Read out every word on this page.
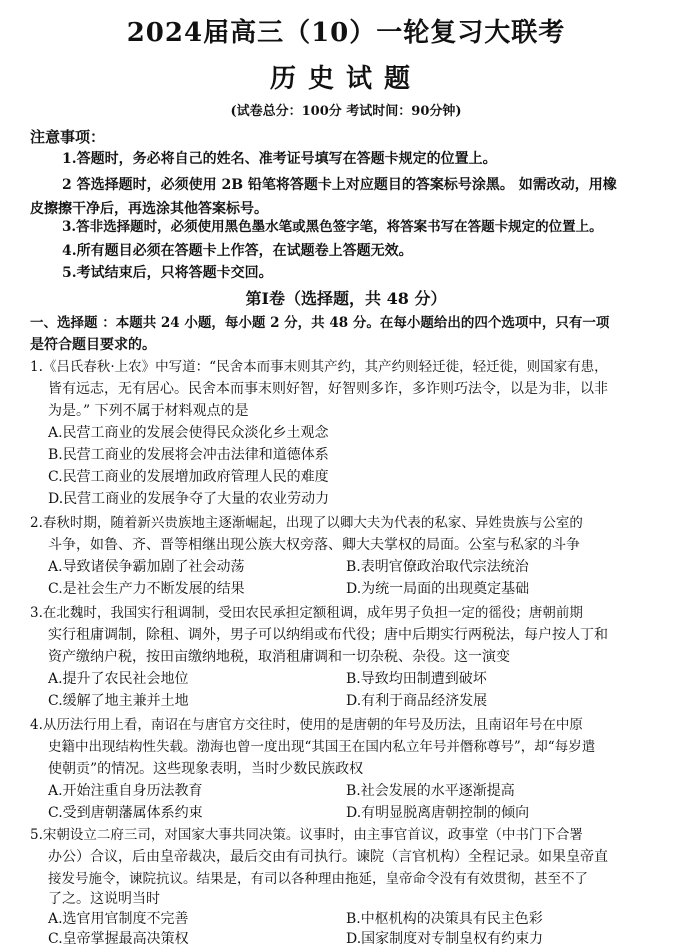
2024届高三（10）一轮复习大联考
历史试题
(试卷总分：100分 考试时间：90分钟)
注意事项：
1.答题时，务必将自己的姓名、准考证号填写在答题卡规定的位置上。
2 答选择题时，必须使用 2B 铅笔将答题卡上对应题目的答案标号涂黑。 如需改动，用橡
皮擦擦干净后，再选涂其他答案标号。
3.答非选择题时，必须使用黑色墨水笔或黑色签字笔，将答案书写在答题卡规定的位置上。
4.所有题目必须在答题卡上作答，在试题卷上答题无效。
5.考试结束后，只将答题卡交回。
第Ⅰ卷（选择题，共 48 分）
一、选择题 ：本题共 24 小题，每小题 2 分，共 48 分。在每小题给出的四个选项中，只有一项
是符合题目要求的。
1.《吕氏春秋·上农》中写道：“民舍本而事末则其产约，其产约则轻迁徙，轻迁徙，则国家有患，
皆有远志，无有居心。民舍本而事末则好智，好智则多诈，多诈则巧法令，以是为非，以非
为是。” 下列不属于材料观点的是
A.民营工商业的发展会使得民众淡化乡土观念
B.民营工商业的发展将会冲击法律和道德体系
C.民营工商业的发展增加政府管理人民的难度
D.民营工商业的发展争夺了大量的农业劳动力
2.春秋时期，随着新兴贵族地主逐渐崛起，出现了以卿大夫为代表的私家、异姓贵族与公室的
斗争，如鲁、齐、晋等相继出现公族大权旁落、卿大夫掌权的局面。公室与私家的斗争
A.导致诸侯争霸加剧了社会动荡	B.表明官僚政治取代宗法统治
C.是社会生产力不断发展的结果	D.为统一局面的出现奠定基础
3.在北魏时，我国实行租调制，受田农民承担定额租调，成年男子负担一定的徭役；唐朝前期
实行租庸调制，除租、调外，男子可以纳绢或布代役；唐中后期实行两税法，每户按人丁和
资产缴纳户税，按田亩缴纳地税，取消租庸调和一切杂税、杂役。这一演变
A.提升了农民社会地位	B.导致均田制遭到破坏
C.缓解了地主兼并土地	D.有利于商品经济发展
4.从历法行用上看，南诏在与唐官方交往时，使用的是唐朝的年号及历法，且南诏年号在中原
史籍中出现结构性失载。渤海也曾一度出现“其国王在国内私立年号并僭称尊号”，却“每岁遣
使朝贡”的情况。这些现象表明，当时少数民族政权
A.开始注重自身历法教育	B.社会发展的水平逐渐提高
C.受到唐朝藩属体系约束	D.有明显脱离唐朝控制的倾向
5.宋朝设立二府三司，对国家大事共同决策。议事时，由主事官首议，政事堂（中书门下合署
办公）合议，后由皇帝裁决，最后交由有司执行。谏院（言官机构）全程记录。如果皇帝直
接发号施令，谏院抗议。结果是，有司以各种理由拖延，皇帝命令没有有效贯彻，甚至不了
了之。这说明当时
A.选官用官制度不完善	B.中枢机构的决策具有民主色彩
C.皇帝掌握最高决策权	D.国家制度对专制皇权有约束力
